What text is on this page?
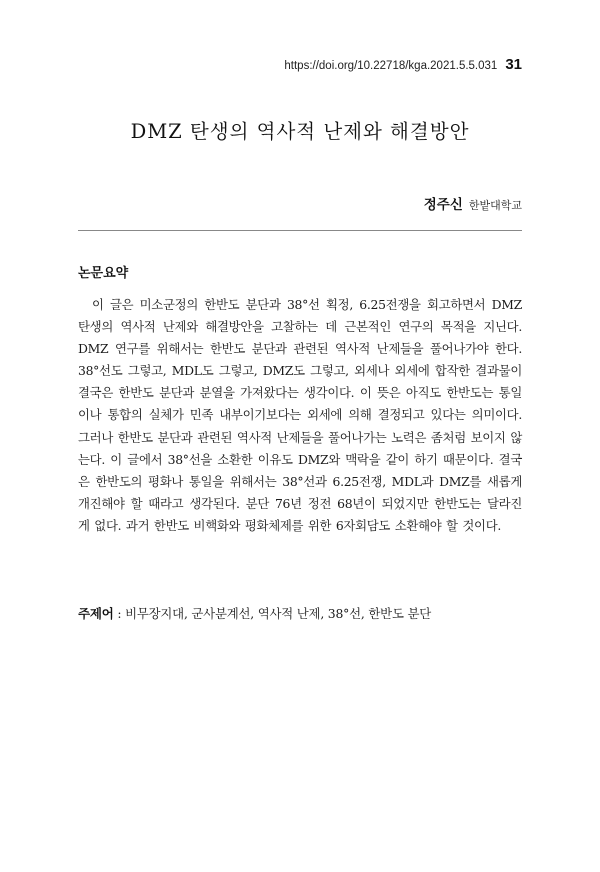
https://doi.org/10.22718/kga.2021.5.5.031 31
DMZ 탄생의 역사적 난제와 해결방안
정주신 한밭대학교
논문요약

이 글은 미소군정의 한반도 분단과 38°선 획정, 6.25전쟁을 회고하면서 DMZ 탄생의 역사적 난제와 해결방안을 고찰하는 데 근본적인 연구의 목적을 지닌다. DMZ 연구를 위해서는 한반도 분단과 관련된 역사적 난제들을 풀어나가야 한다. 38°선도 그렇고, MDL도 그렇고, DMZ도 그렇고, 외세나 외세에 합작한 결과물이 결국은 한반도 분단과 분열을 가져왔다는 생각이다. 이 뜻은 아직도 한반도는 통일이나 통합의 실체가 민족 내부이기보다는 외세에 의해 결정되고 있다는 의미이다. 그러나 한반도 분단과 관련된 역사적 난제들을 풀어나가는 노력은 좀처럼 보이지 않는다. 이 글에서 38°선을 소환한 이유도 DMZ와 맥락을 같이 하기 때문이다. 결국은 한반도의 평화나 통일을 위해서는 38°선과 6.25전쟁, MDL과 DMZ를 새롭게 개진해야 할 때라고 생각된다. 분단 76년 정전 68년이 되었지만 한반도는 달라진 게 없다. 과거 한반도 비핵화와 평화체제를 위한 6자회담도 소환해야 할 것이다.

주제어 : 비무장지대, 군사분계선, 역사적 난제, 38°선, 한반도 분단
